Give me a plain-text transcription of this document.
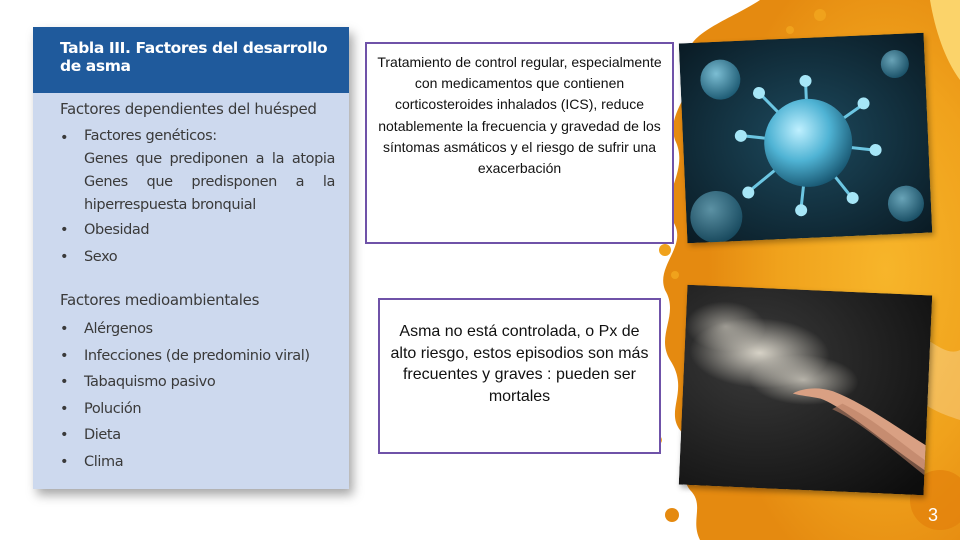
Tabla III. Factores del desarrollo de asma
Factores dependientes del huésped
• Factores genéticos:
Genes que prediponen a la atopia
Genes que predisponen a la
hiperrespuesta bronquial
• Obesidad
• Sexo
Factores medioambientales
• Alérgenos
• Infecciones (de predominio viral)
• Tabaquismo pasivo
• Polución
• Dieta
• Clima
Tratamiento de control regular, especialmente con medicamentos que contienen corticosteroides inhalados (ICS), reduce notablemente la frecuencia y gravedad de los síntomas asmáticos y el riesgo de sufrir una exacerbación
Asma no está controlada, o Px de alto riesgo, estos episodios son más frecuentes y graves : pueden ser mortales
3
